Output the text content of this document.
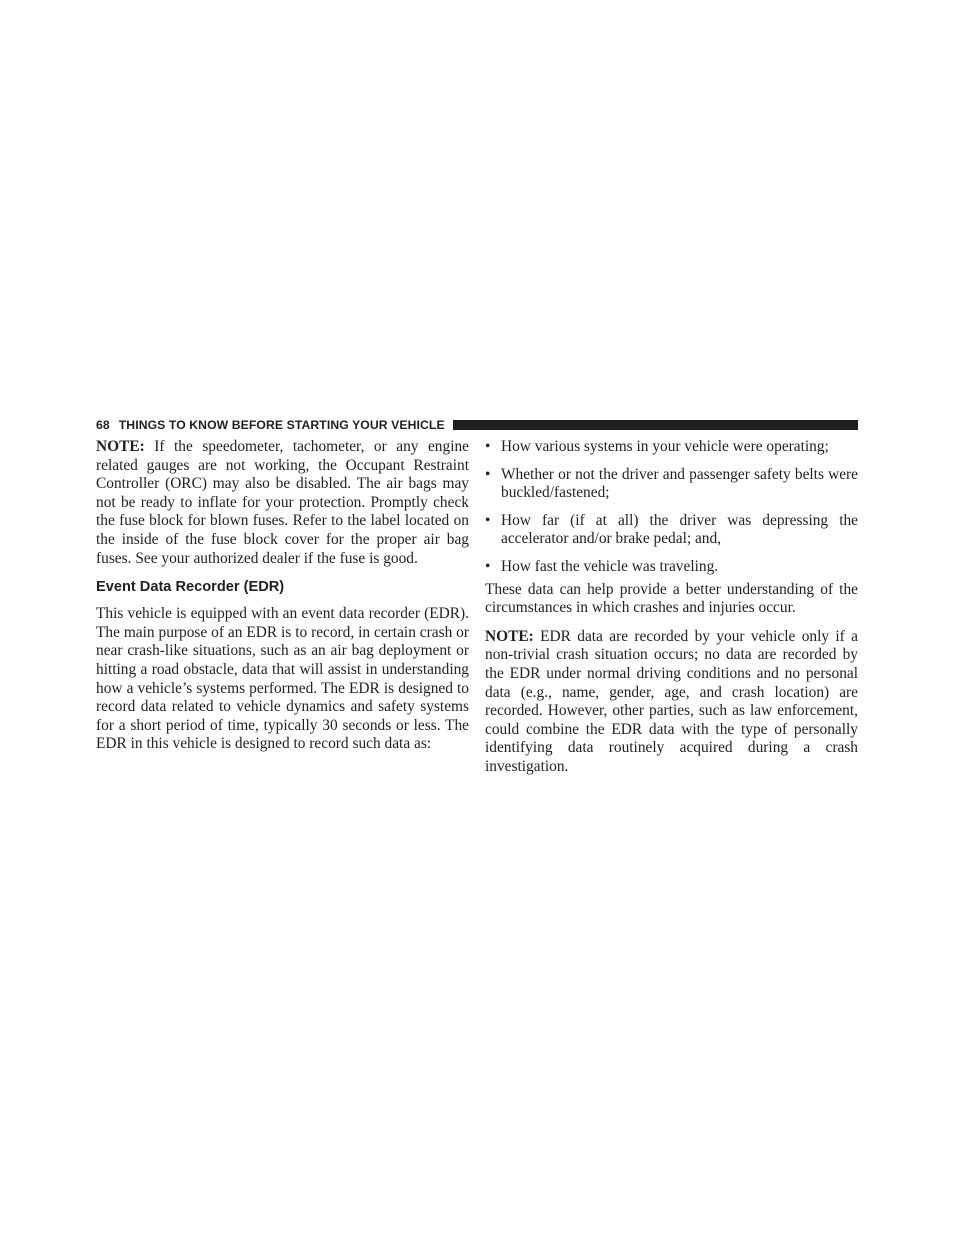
68 THINGS TO KNOW BEFORE STARTING YOUR VEHICLE

NOTE: If the speedometer, tachometer, or any engine related gauges are not working, the Occupant Restraint Controller (ORC) may also be disabled. The air bags may not be ready to inflate for your protection. Promptly check the fuse block for blown fuses. Refer to the label located on the inside of the fuse block cover for the proper air bag fuses. See your authorized dealer if the fuse is good.

Event Data Recorder (EDR)

This vehicle is equipped with an event data recorder (EDR). The main purpose of an EDR is to record, in certain crash or near crash-like situations, such as an air bag deployment or hitting a road obstacle, data that will assist in understanding how a vehicle’s systems performed. The EDR is designed to record data related to vehicle dynamics and safety systems for a short period of time, typically 30 seconds or less. The EDR in this vehicle is designed to record such data as:

• How various systems in your vehicle were operating;
• Whether or not the driver and passenger safety belts were buckled/fastened;
• How far (if at all) the driver was depressing the accelerator and/or brake pedal; and,
• How fast the vehicle was traveling.

These data can help provide a better understanding of the circumstances in which crashes and injuries occur.

NOTE: EDR data are recorded by your vehicle only if a non-trivial crash situation occurs; no data are recorded by the EDR under normal driving conditions and no personal data (e.g., name, gender, age, and crash location) are recorded. However, other parties, such as law enforcement, could combine the EDR data with the type of personally identifying data routinely acquired during a crash investigation.
